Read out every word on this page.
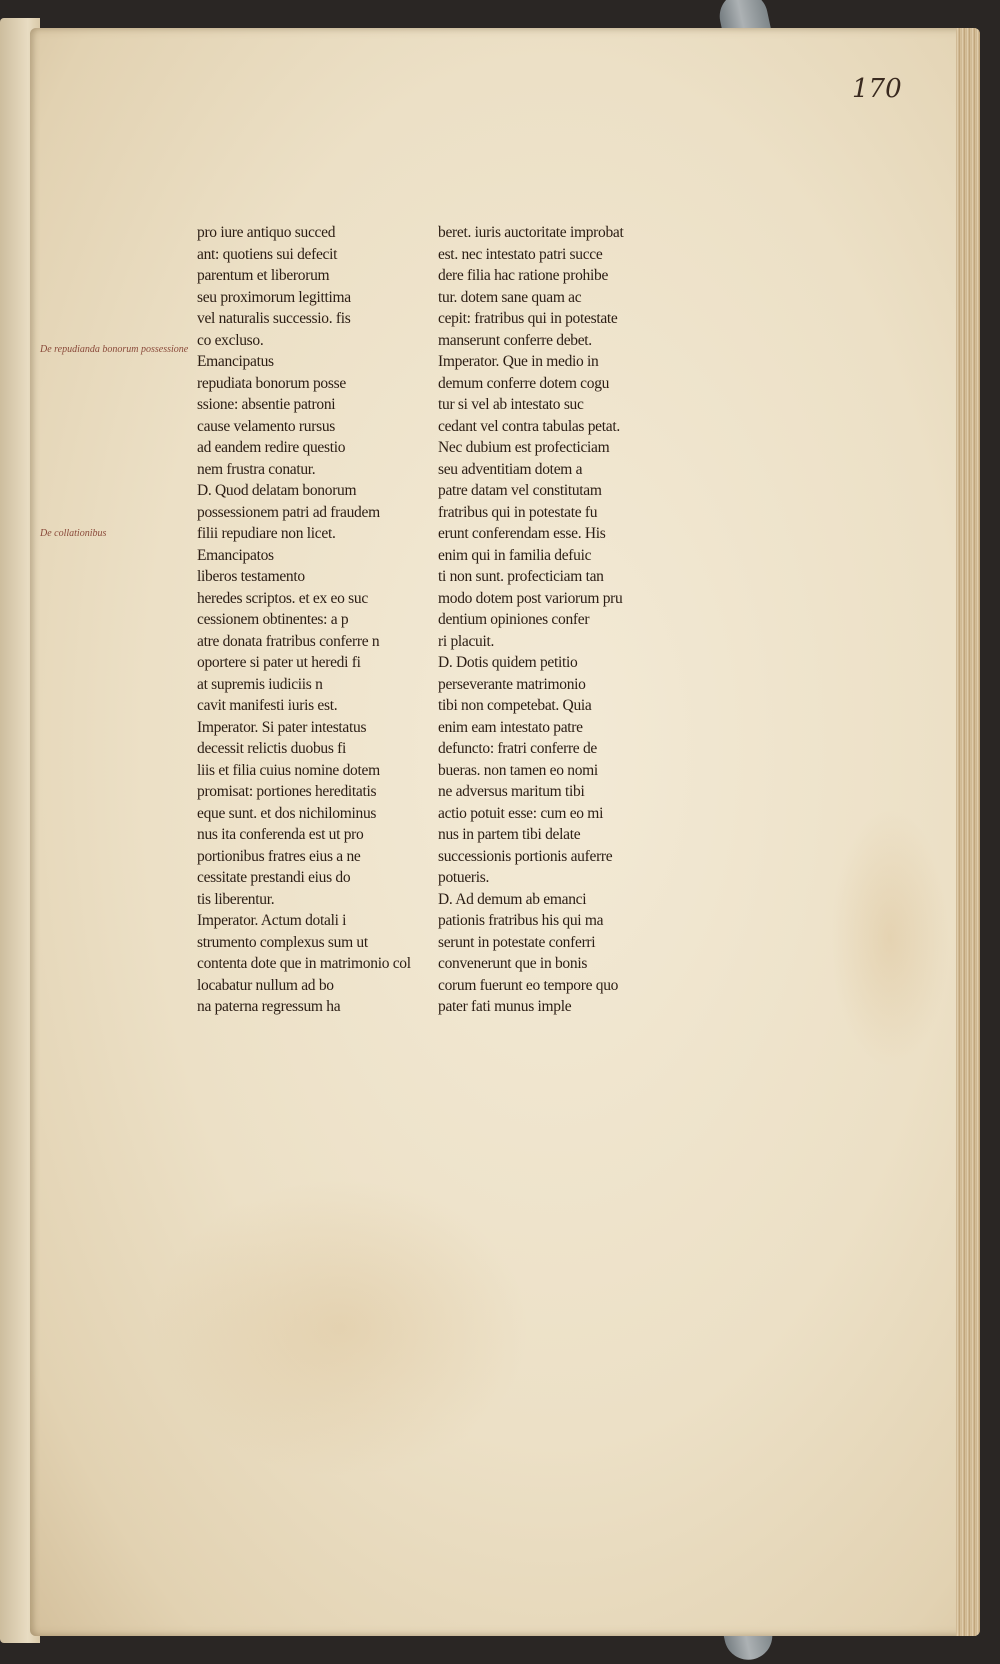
170
De repudianda bonorum possessione
De collationibus
pro iure antiquo succed
ant: quotiens sui defecit
parentum et liberorum
seu proximorum legittima
vel naturalis successio. fis
co excluso.
Emancipatus
repudiata bonorum posse
ssione: absentie patroni
cause velamento rursus
ad eandem redire questio
nem frustra conatur.
D. Quod delatam bonorum
possessionem patri ad fraudem
filii repudiare non licet.
Emancipatos
liberos testamento
heredes scriptos. et ex eo suc
cessionem obtinentes: a p
atre donata fratribus conferre n
oportere si pater ut heredi fi
at supremis iudiciis n
cavit manifesti iuris est.
Imperator. Si pater intestatus
decessit relictis duobus fi
liis et filia cuius nomine dotem
promisat: portiones hereditatis
eque sunt. et dos nichilominus
nus ita conferenda est ut pro
portionibus fratres eius a ne
cessitate prestandi eius do
tis liberentur.
Imperator. Actum dotali i
strumento complexus sum ut
contenta dote que in matrimonio col
locabatur nullum ad bo
na paterna regressum ha
beret. iuris auctoritate improbat
est. nec intestato patri succe
dere filia hac ratione prohibe
tur. dotem sane quam ac
cepit: fratribus qui in potestate
manserunt conferre debet.
Imperator. Que in medio in
demum conferre dotem cogu
tur si vel ab intestato suc
cedant vel contra tabulas petat.
Nec dubium est profecticiam
seu adventitiam dotem a
patre datam vel constitutam
fratribus qui in potestate fu
erunt conferendam esse. His
enim qui in familia defuic
ti non sunt. profecticiam tan
modo dotem post variorum pru
dentium opiniones confer
ri placuit.
D. Dotis quidem petitio
perseverante matrimonio
tibi non competebat. Quia
enim eam intestato patre
defuncto: fratri conferre de
bueras. non tamen eo nomi
ne adversus maritum tibi
actio potuit esse: cum eo mi
nus in partem tibi delate
successionis portionis auferre
potueris.
D. Ad demum ab emanci
pationis fratribus his qui ma
serunt in potestate conferri
convenerunt que in bonis
corum fuerunt eo tempore quo
pater fati munus imple
